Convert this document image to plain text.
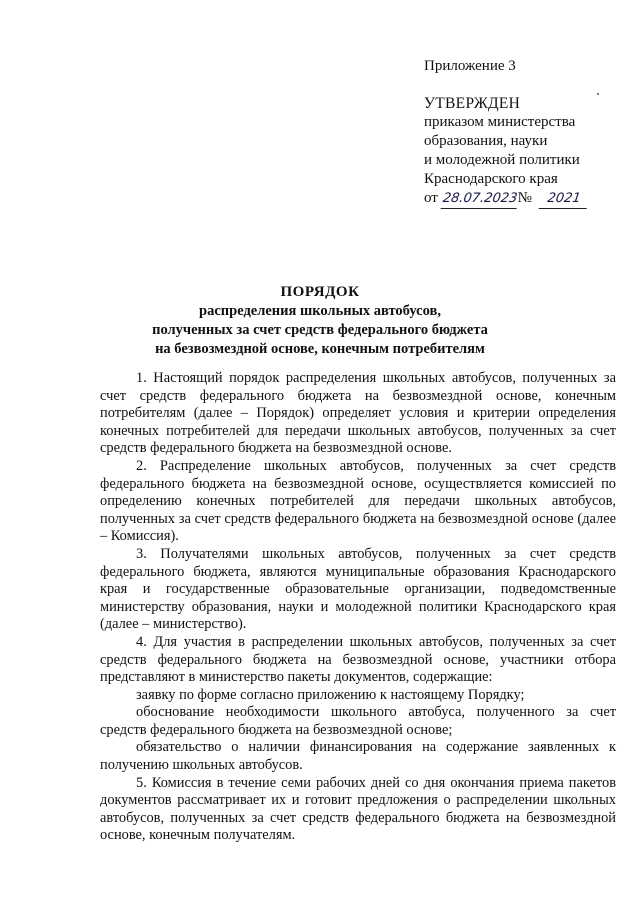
Приложение 3
УТВЕРЖДЕН
приказом министерства
образования, науки
и молодежной политики
Краснодарского края
от 28.07.2023№ 2021
ПОРЯДОК
распределения школьных автобусов,
полученных за счет средств федерального бюджета
на безвозмездной основе, конечным потребителям

1. Настоящий порядок распределения школьных автобусов, полученных за счет средств федерального бюджета на безвозмездной основе, конечным потребителям (далее – Порядок) определяет условия и критерии определения конечных потребителей для передачи школьных автобусов, полученных за счет средств федерального бюджета на безвозмездной основе.

2. Распределение школьных автобусов, полученных за счет средств федерального бюджета на безвозмездной основе, осуществляется комиссией по определению конечных потребителей для передачи школьных автобусов, полученных за счет средств федерального бюджета на безвозмездной основе (далее – Комиссия).

3. Получателями школьных автобусов, полученных за счет средств федерального бюджета, являются муниципальные образования Краснодарского края и государственные образовательные организации, подведомственные министерству образования, науки и молодежной политики Краснодарского края (далее – министерство).

4. Для участия в распределении школьных автобусов, полученных за счет средств федерального бюджета на безвозмездной основе, участники отбора представляют в министерство пакеты документов, содержащие:

заявку по форме согласно приложению к настоящему Порядку;

обоснование необходимости школьного автобуса, полученного за счет средств федерального бюджета на безвозмездной основе;

обязательство о наличии финансирования на содержание заявленных к получению школьных автобусов.

5. Комиссия в течение семи рабочих дней со дня окончания приема пакетов документов рассматривает их и готовит предложения о распределении школьных автобусов, полученных за счет средств федерального бюджета на безвозмездной основе, конечным получателям.
